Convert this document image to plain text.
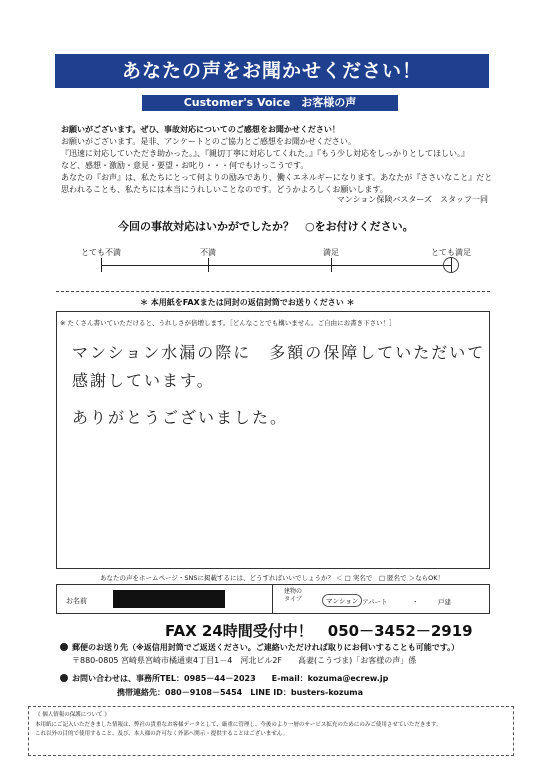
あなたの声をお聞かせください！
Customer's Voice　お客様の声
お願いがございます。ぜひ、事故対応についてのご感想をお聞かせください！
お願いがございます。是非、アンケートとのご協力とご感想をお聞かせください。
『迅速に対応していただき助かった。』、『親切丁寧に対応してくれた。』『もう少し対応をしっかりとしてほしい。』
など、感想・激励・意見・要望・お叱り・・・何でもけっこうです。
あなたの『お声』は、私たちにとって何よりの励みであり、働くエネルギーになります。あなたが『ささいなこと』だと
思われることも、私たちには本当にうれしいことなのです。どうかよろしくお願いします。
マンション保険バスターズ　スタッフ一同
今回の事故対応はいかがでしたか？　○をお付けください。
とても不満	不満	満足	とても満足
＊ 本用紙をFAXまたは同封の返信封筒でお送りください ＊
※ たくさん書いていただけると、うれしさが倍増します。［どんなことでも構いません。ご自由にお書き下さい！］
マンション水漏の際に　多額の保障していただいて
感謝しています。
ありがとうございました。
あなたの声をホームページ・SNSに掲載するには、どうすればいいでしょうか？ ＜ □ 実名で　□ 匿名で ＞ならOK！
お名前
建物のタイプ	マンション アパート	・	戸建
FAX 24時間受付中！　050－3452－2919
郵便のお送り先（※返信用封筒でご返送ください。ご連絡いただければ取りにお伺いすることも可能です。）
〒880-0805 宮崎県宮崎市橘通東4丁目1－4　河北ビル2F　　高妻(こうづま)「お客様の声」係
お問い合わせは、事務所TEL：0985－44－2023　　E-mail：kozuma@ecrew.jp
携帯連絡先：080－9108－5454　LINE ID：busters-kozuma
《 個人情報の保護について 》
本用紙にご記入いただきました情報は、弊社の貴重なお客様データとして、厳重に管理し、今後のより一層のサービス拡充のためにのみご使用させていただきます。
これ以外の目的で使用すること、及び、本人様の許可なく外部へ開示・提供することはございません。
